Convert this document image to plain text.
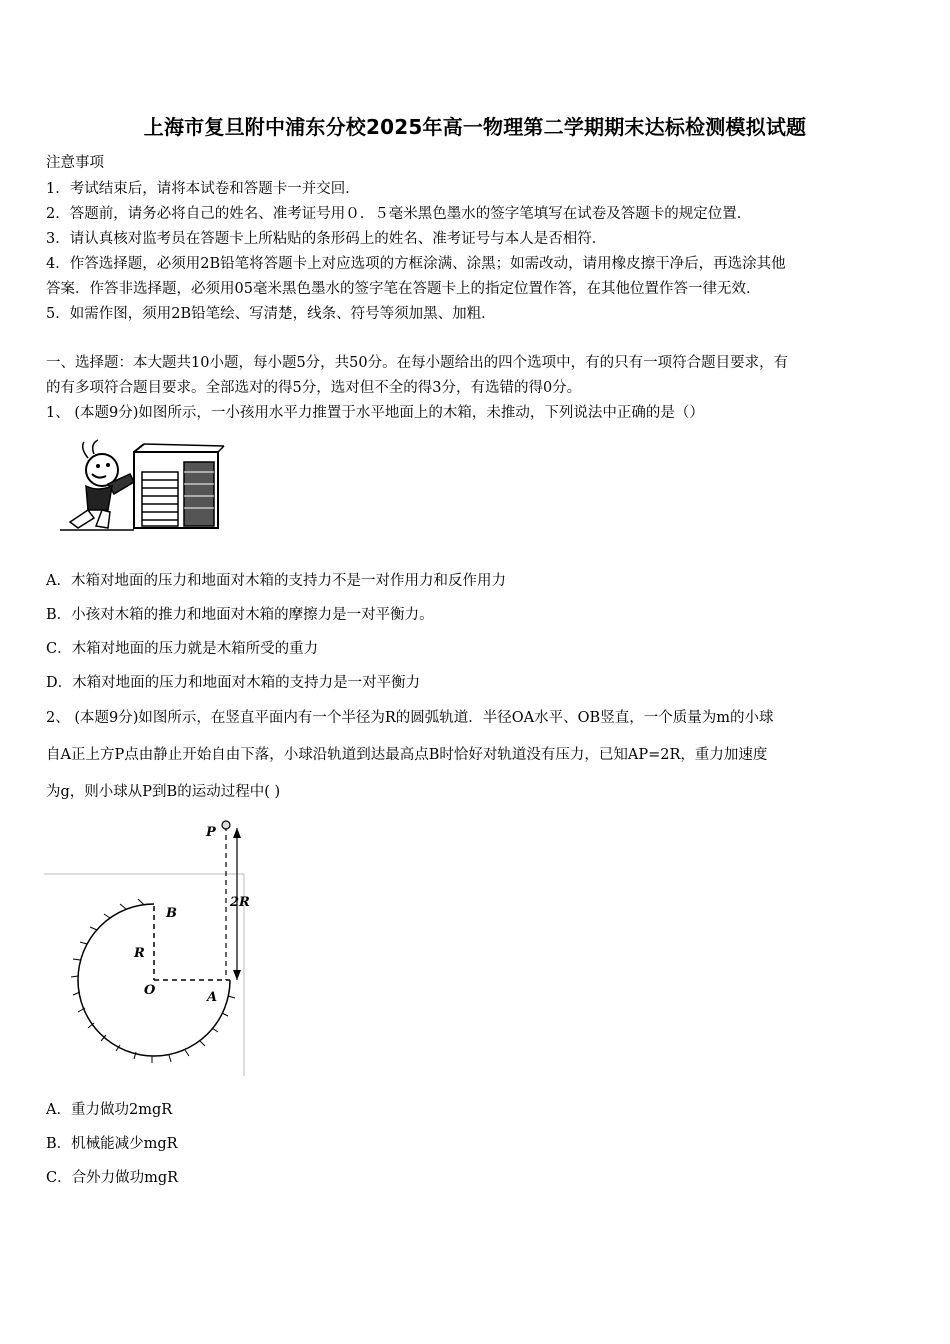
上海市复旦附中浦东分校2025年高一物理第二学期期末达标检测模拟试题
注意事项
1．考试结束后，请将本试卷和答题卡一并交回．
2．答题前，请务必将自己的姓名、准考证号用０．５毫米黑色墨水的签字笔填写在试卷及答题卡的规定位置．
3．请认真核对监考员在答题卡上所粘贴的条形码上的姓名、准考证号与本人是否相符．
4．作答选择题，必须用2B铅笔将答题卡上对应选项的方框涂满、涂黑；如需改动，请用橡皮擦干净后，再选涂其他
答案．作答非选择题，必须用05毫米黑色墨水的签字笔在答题卡上的指定位置作答，在其他位置作答一律无效．
5．如需作图，须用2B铅笔绘、写清楚，线条、符号等须加黑、加粗．
一、选择题：本大题共10小题，每小题5分，共50分。在每小题给出的四个选项中，有的只有一项符合题目要求，有
的有多项符合题目要求。全部选对的得5分，选对但不全的得3分，有选错的得0分。
1、 (本题9分)如图所示，一小孩用水平力推置于水平地面上的木箱，未推动，下列说法中正确的是（）
A．木箱对地面的压力和地面对木箱的支持力不是一对作用力和反作用力
B．小孩对木箱的推力和地面对木箱的摩擦力是一对平衡力。
C．木箱对地面的压力就是木箱所受的重力
D．木箱对地面的压力和地面对木箱的支持力是一对平衡力
2、 (本题9分)如图所示，在竖直平面内有一个半径为R的圆弧轨道．半径OA水平、OB竖直，一个质量为m的小球
自A正上方P点由静止开始自由下落，小球沿轨道到达最高点B时恰好对轨道没有压力，已知AP=2R，重力加速度
为g，则小球从P到B的运动过程中( )
P
B
R
O	A
2R
A．重力做功2mgR
B．机械能减少mgR
C．合外力做功mgR
